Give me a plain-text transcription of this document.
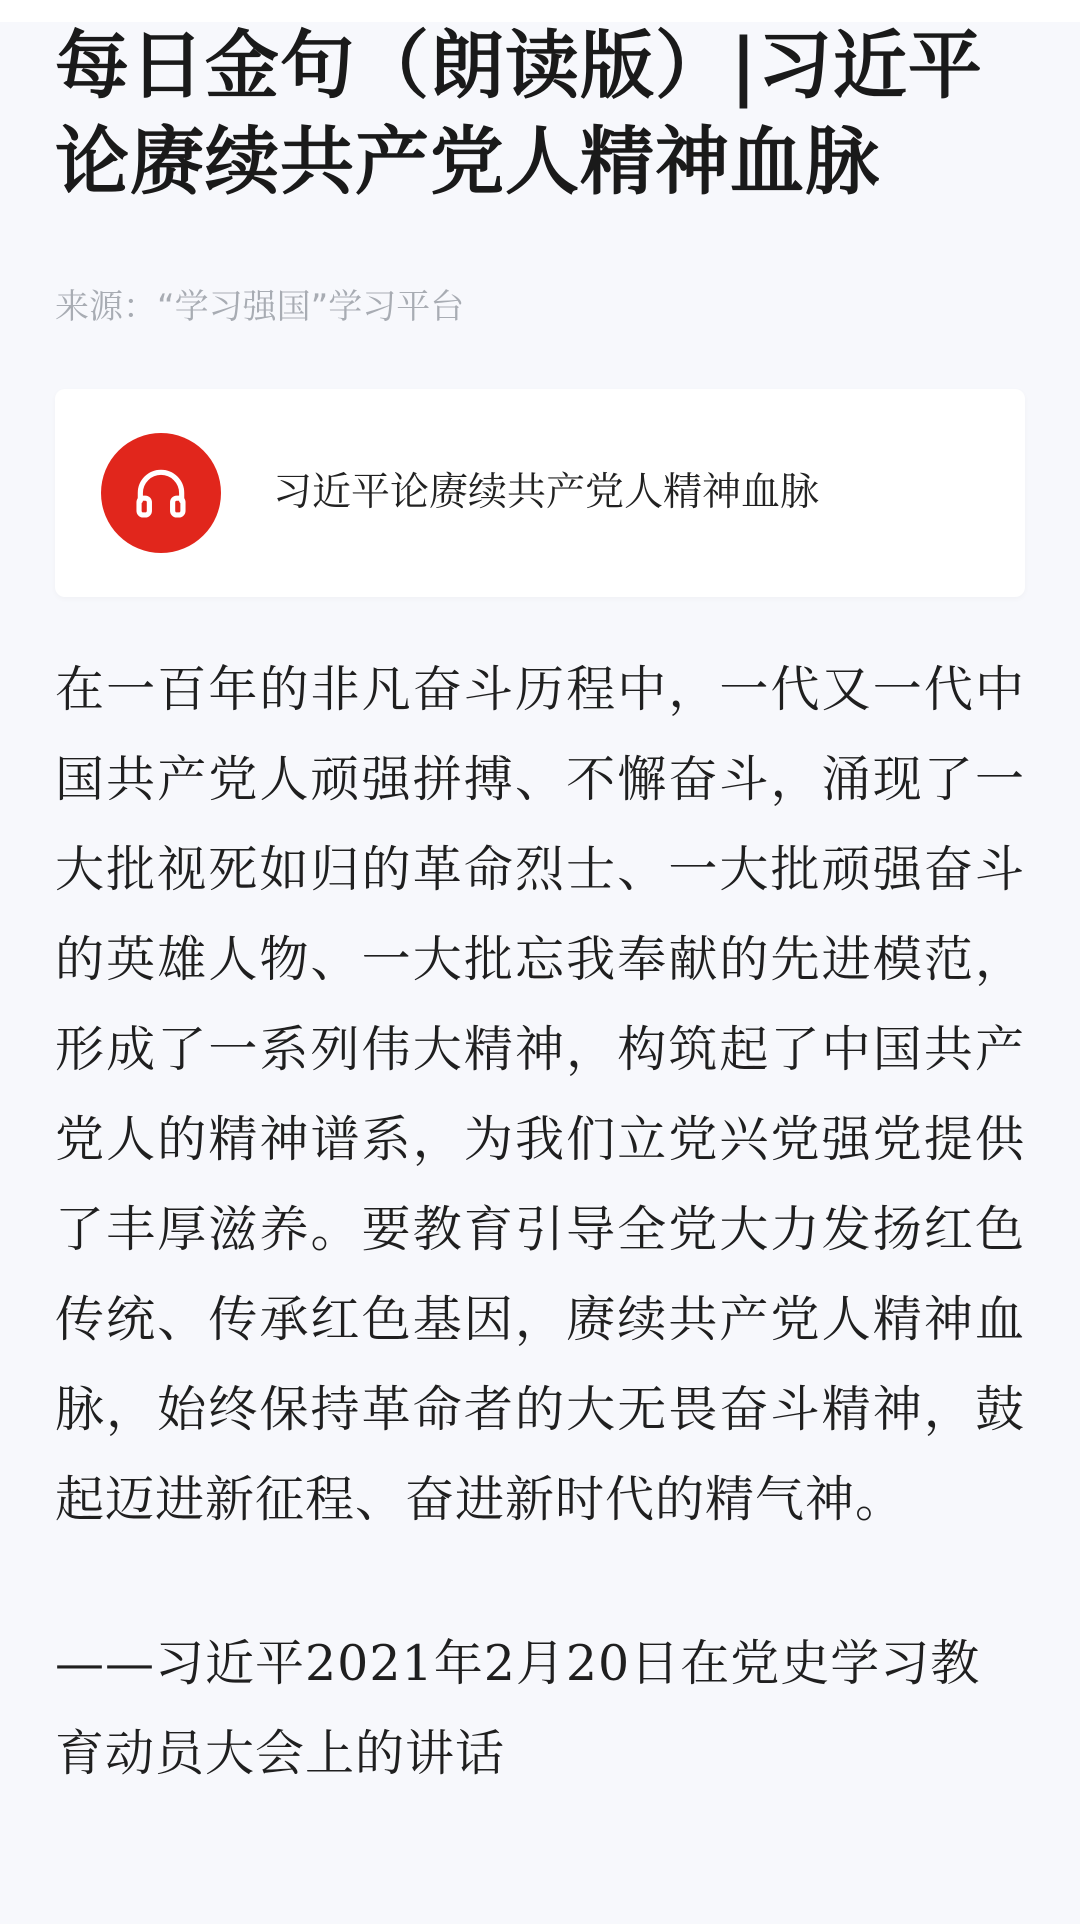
每日金句（朗读版）|习近平论赓续共产党人精神血脉
来源：“学习强国”学习平台
习近平论赓续共产党人精神血脉

在一百年的非凡奋斗历程中，一代又一代中国共产党人顽强拼搏、不懈奋斗，涌现了一大批视死如归的革命烈士、一大批顽强奋斗的英雄人物、一大批忘我奉献的先进模范，形成了一系列伟大精神，构筑起了中国共产党人的精神谱系，为我们立党兴党强党提供了丰厚滋养。要教育引导全党大力发扬红色传统、传承红色基因，赓续共产党人精神血脉，始终保持革命者的大无畏奋斗精神，鼓起迈进新征程、奋进新时代的精气神。

——习近平2021年2月20日在党史学习教育动员大会上的讲话
